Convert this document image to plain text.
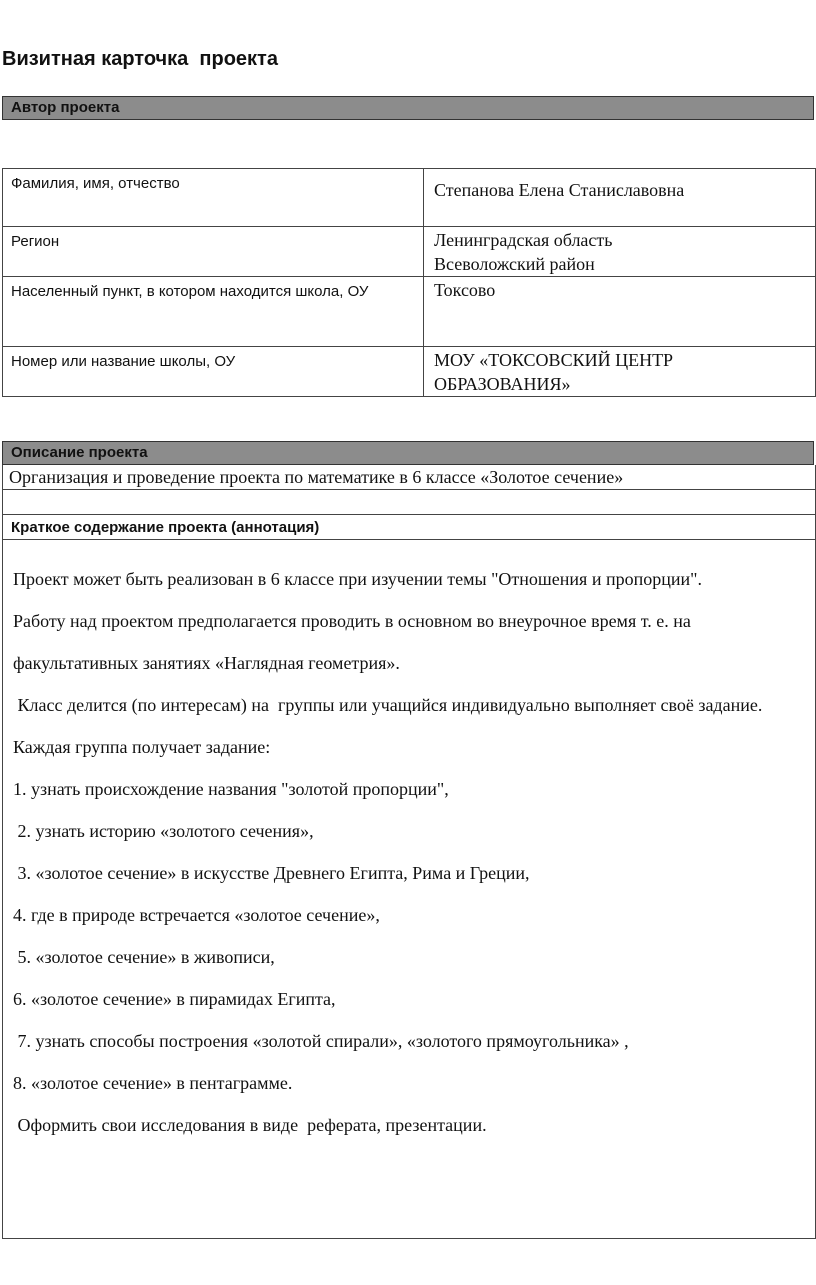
Визитная карточка  проекта
Автор проекта
Фамилия, имя, отчество	Степанова Елена Станиславовна
Регион	Ленинградская область
Всеволожский район
Населенный пункт, в котором находится школа, ОУ	Токсово
Номер или название школы, ОУ	МОУ «ТОКСОВСКИЙ ЦЕНТР ОБРАЗОВАНИЯ»
Описание проекта
Организация и проведение проекта по математике в 6 классе «Золотое сечение»
Краткое содержание проекта (аннотация)

Проект может быть реализован в 6 классе при изучении темы "Отношения и пропорции".

Работу над проектом предполагается проводить в основном во внеурочное время т. е. на факультативных занятиях «Наглядная геометрия».

Класс делится (по интересам) на  группы или учащийся индивидуально выполняет своё задание. Каждая группа получает задание:

1. узнать происхождение названия "золотой пропорции",

2. узнать историю «золотого сечения»,

3. «золотое сечение» в искусстве Древнего Египта, Рима и Греции,

4. где в природе встречается «золотое сечение»,

5. «золотое сечение» в живописи,

6. «золотое сечение» в пирамидах Египта,

7. узнать способы построения «золотой спирали», «золотого прямоугольника» ,

8. «золотое сечение» в пентаграмме.

Оформить свои исследования в виде  реферата, презентации.
